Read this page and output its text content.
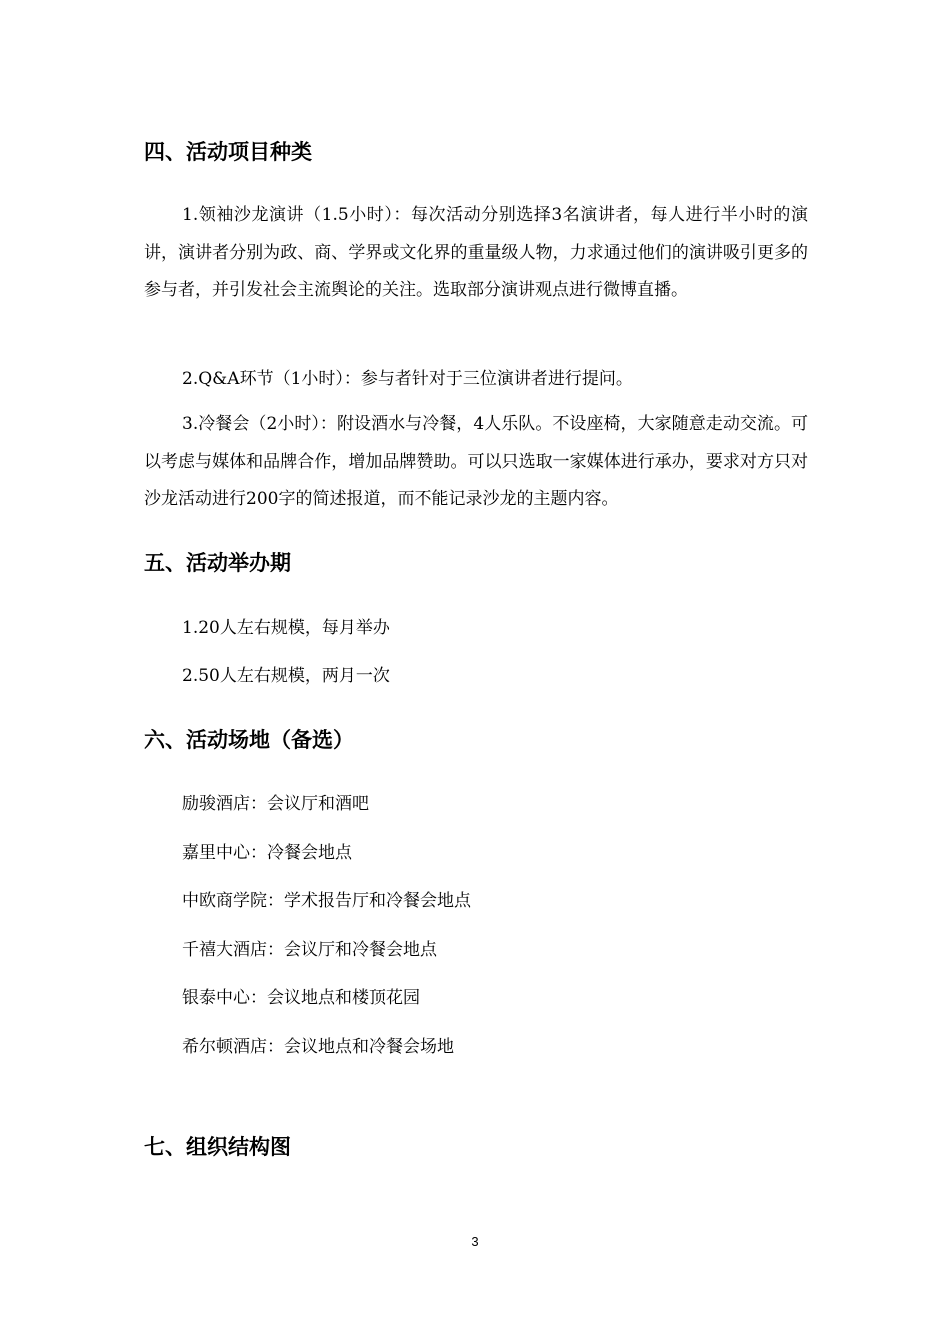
四、活动项目种类

1.领袖沙龙演讲（1.5小时）：每次活动分别选择3名演讲者，每人进行半小时的演讲，演讲者分别为政、商、学界或文化界的重量级人物，力求通过他们的演讲吸引更多的参与者，并引发社会主流舆论的关注。选取部分演讲观点进行微博直播。

2.Q&A环节（1小时）：参与者针对于三位演讲者进行提问。

3.冷餐会（2小时）：附设酒水与冷餐，4人乐队。不设座椅，大家随意走动交流。可以考虑与媒体和品牌合作，增加品牌赞助。可以只选取一家媒体进行承办，要求对方只对沙龙活动进行200字的简述报道，而不能记录沙龙的主题内容。

五、活动举办期
1.20人左右规模，每月举办
2.50人左右规模，两月一次
六、活动场地（备选）
励骏酒店：会议厅和酒吧
嘉里中心：冷餐会地点
中欧商学院：学术报告厅和冷餐会地点
千禧大酒店：会议厅和冷餐会地点
银泰中心：会议地点和楼顶花园
希尔顿酒店：会议地点和冷餐会场地
七、组织结构图
3
